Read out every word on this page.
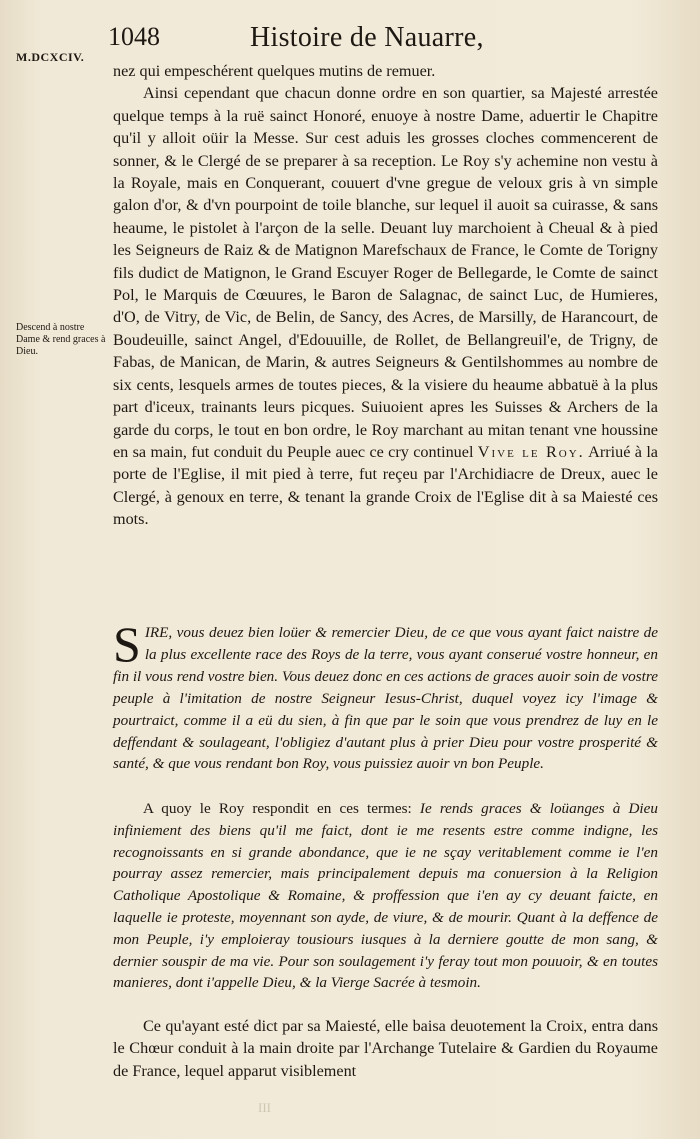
M.DCXCIV.
1048	Histoire de Nauarre,
Descend à nostre Dame & rend graces à Dieu.

nez qui empeschérent quelques mutins de remuer.

Ainsi cependant que chacun donne ordre en son quartier, sa Majesté arrestée quelque temps à la ruë sainct Honoré, enuoye à nostre Dame, aduertir le Chapitre qu'il y alloit oüir la Messe. Sur cest aduis les grosses cloches commencerent de sonner, & le Clergé de se preparer à sa reception. Le Roy s'y achemine non vestu à la Royale, mais en Conquerant, couuert d'vne gregue de veloux gris à vn simple galon d'or, & d'vn pourpoint de toile blanche, sur lequel il auoit sa cuirasse, & sans heaume, le pistolet à l'arçon de la selle. Deuant luy marchoient à Cheual & à pied les Seigneurs de Raiz & de Matignon Marefschaux de France, le Comte de Torigny fils dudict de Matignon, le Grand Escuyer Roger de Bellegarde, le Comte de sainct Pol, le Marquis de Cœuures, le Baron de Salagnac, de sainct Luc, de Humieres, d'O, de Vitry, de Vic, de Belin, de Sancy, des Acres, de Marsilly, de Harancourt, de Boudeuille, sainct Angel, d'Edouuille, de Rollet, de Bellangreuil'e, de Trigny, de Fabas, de Manican, de Marin, & autres Seigneurs & Gentilshommes au nombre de six cents, lesquels armes de toutes pieces, & la visiere du heaume abbatuë à la plus part d'iceux, trainants leurs picques. Suiuoient apres les Suisses & Archers de la garde du corps, le tout en bon ordre, le Roy marchant au mitan tenant vne houssine en sa main, fut conduit du Peuple auec ce cry continuel Vive le Roy. Arriué à la porte de l'Eglise, il mit pied à terre, fut reçeu par l'Archidiacre de Dreux, auec le Clergé, à genoux en terre, & tenant la grande Croix de l'Eglise dit à sa Maiesté ces mots.

SIRE, vous deuez bien loüer & remercier Dieu, de ce que vous ayant faict naistre de la plus excellente race des Roys de la terre, vous ayant conserué vostre honneur, en fin il vous rend vostre bien. Vous deuez donc en ces actions de graces auoir soin de vostre peuple à l'imitation de nostre Seigneur Iesus-Christ, duquel voyez icy l'image & pourtraict, comme il a eü du sien, à fin que par le soin que vous prendrez de luy en le deffendant & soulageant, l'obligiez d'autant plus à prier Dieu pour vostre prosperité & santé, & que vous rendant bon Roy, vous puissiez auoir vn bon Peuple.
A quoy le Roy respondit en ces termes: Ie rends graces & loüanges à Dieu infiniement des biens qu'il me faict, dont ie me resents estre comme indigne, les recognoissants en si grande abondance, que ie ne sçay veritablement comme ie l'en pourray assez remercier, mais principalement depuis ma conuersion à la Religion Catholique Apostolique & Romaine, & proffession que i'en ay cy deuant faicte, en laquelle ie proteste, moyennant son ayde, de viure, & de mourir. Quant à la deffence de mon Peuple, i'y emploieray tousiours iusques à la derniere goutte de mon sang, & dernier souspir de ma vie. Pour son soulagement i'y feray tout mon pouuoir, & en toutes manieres, dont i'appelle Dieu, & la Vierge Sacrée à tesmoin.

Ce qu'ayant esté dict par sa Maiesté, elle baisa deuotement la Croix, entra dans le Chœur conduit à la main droite par l'Archange Tutelaire & Gardien du Royaume de France, lequel apparut visiblement

III
